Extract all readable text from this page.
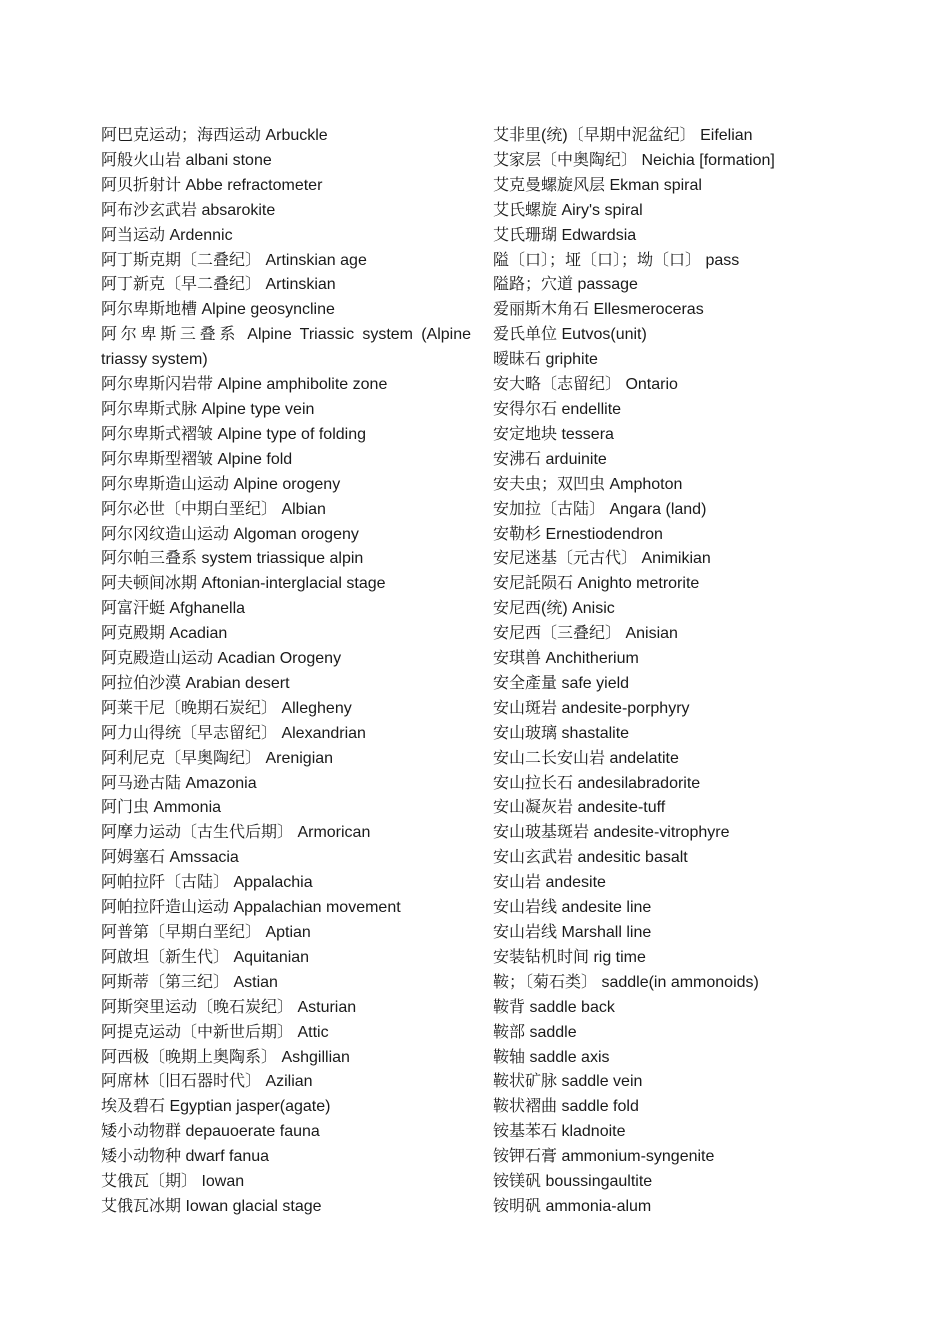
阿巴克运动；海西运动 Arbuckle

阿般火山岩 albani stone

阿贝折射计 Abbe refractometer

阿布沙玄武岩 absarokite

阿当运动 Ardennic

阿丁斯克期〔二叠纪〕 Artinskian age

阿丁新克〔早二叠纪〕 Artinskian

阿尔卑斯地槽 Alpine geosyncline

阿尔卑斯三叠系 Alpine Triassic system (Alpine triassy system)

阿尔卑斯闪岩带 Alpine amphibolite zone

阿尔卑斯式脉 Alpine type vein

阿尔卑斯式褶皱 Alpine type of folding

阿尔卑斯型褶皱 Alpine fold

阿尔卑斯造山运动 Alpine orogeny

阿尔必世〔中期白垩纪〕 Albian

阿尔冈纹造山运动 Algoman orogeny

阿尔帕三叠系 system triassique alpin

阿夫顿间冰期 Aftonian-interglacial stage

阿富汗蜓 Afghanella

阿克殿期 Acadian

阿克殿造山运动 Acadian Orogeny

阿拉伯沙漠 Arabian desert

阿莱干尼〔晚期石炭纪〕 Allegheny

阿力山得统〔早志留纪〕 Alexandrian

阿利尼克〔早奥陶纪〕 Arenigian

阿马逊古陆 Amazonia

阿门虫 Ammonia

阿摩力运动〔古生代后期〕 Armorican

阿姆塞石 Amssacia

阿帕拉阡〔古陆〕 Appalachia

阿帕拉阡造山运动 Appalachian movement

阿普第〔早期白垩纪〕 Aptian

阿啟坦〔新生代〕 Aquitanian

阿斯蒂〔第三纪〕 Astian

阿斯突里运动〔晚石炭纪〕 Asturian

阿提克运动〔中新世后期〕 Attic

阿西极〔晚期上奥陶系〕 Ashgillian

阿席林〔旧石器时代〕 Azilian

埃及碧石 Egyptian jasper(agate)

矮小动物群 depauoerate fauna

矮小动物种 dwarf fanua

艾俄瓦〔期〕 Iowan

艾俄瓦冰期 Iowan glacial stage

艾非里(统)〔早期中泥盆纪〕 Eifelian

艾家层〔中奥陶纪〕 Neichia [formation]

艾克曼螺旋风层 Ekman spiral

艾氏螺旋 Airy's spiral

艾氏珊瑚 Edwardsia

隘〔口〕；垭〔口〕；坳〔口〕 pass

隘路；穴道 passage

爱丽斯木角石 Ellesmeroceras

爱氏单位 Eutvos(unit)

暧昧石 griphite

安大略〔志留纪〕 Ontario

安得尔石 endellite

安定地块 tessera

安沸石 arduinite

安夫虫；双凹虫 Amphoton

安加拉〔古陆〕 Angara (land)

安勒杉 Ernestiodendron

安尼迷基〔元古代〕 Animikian

安尼託陨石 Anighto metrorite

安尼西(统) Anisic

安尼西〔三叠纪〕 Anisian

安琪兽 Anchitherium

安全產量 safe yield

安山斑岩 andesite-porphyry

安山玻璃 shastalite

安山二长安山岩 andelatite

安山拉长石 andesilabradorite

安山凝灰岩 andesite-tuff

安山玻基斑岩 andesite-vitrophyre

安山玄武岩 andesitic basalt

安山岩 andesite

安山岩线 andesite line

安山岩线 Marshall line

安装钻机时间 rig time

鞍；〔菊石类〕 saddle(in ammonoids)

鞍背 saddle back

鞍部 saddle

鞍轴 saddle axis

鞍状矿脉 saddle vein

鞍状褶曲 saddle fold

铵基苯石 kladnoite

铵钾石膏 ammonium-syngenite

铵镁矾 boussingaultite

铵明矾 ammonia-alum
